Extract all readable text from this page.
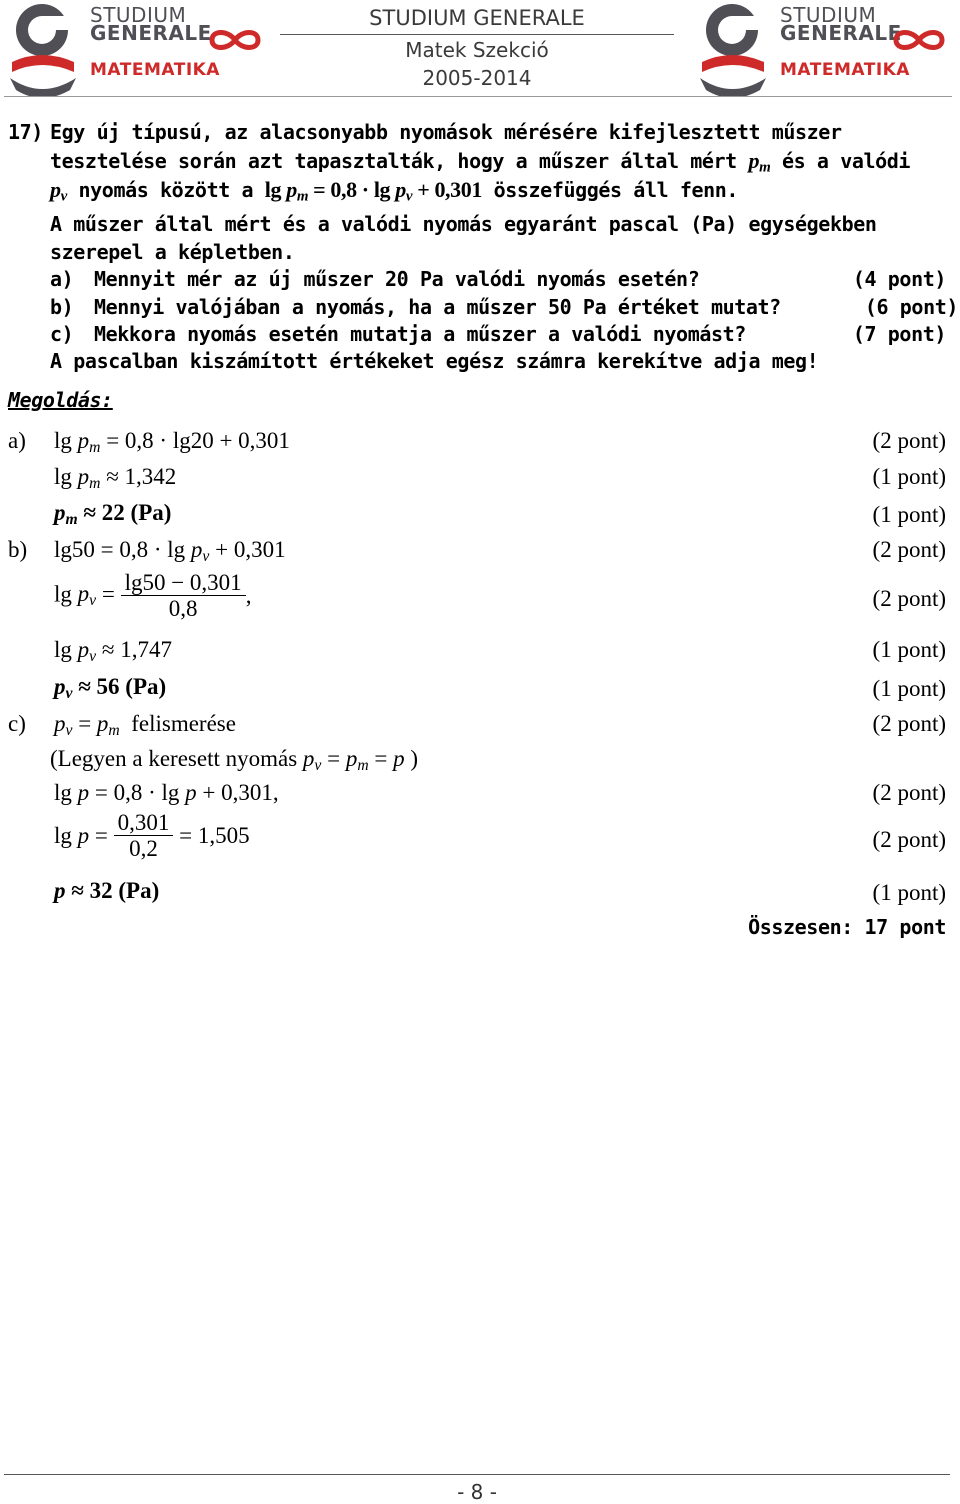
STUDIUM
GENERALE
MATEMATIKA
STUDIUM
GENERALE
MATEMATIKA
STUDIUM GENERALE
Matek Szekció
2005-2014
17) Egy új típusú, az alacsonyabb nyomások mérésére kifejlesztett műszer
tesztelése során azt tapasztalták, hogy a műszer által mért $p_m$ és a valódi
$p_v$ nyomás között a $\lg p_m = 0,8 \cdot \lg p_v + 0,301$ összefüggés áll fenn.
A műszer által mért és a valódi nyomás egyaránt pascal (Pa) egységekben
szerepel a képletben.
a) Mennyit mér az új műszer 20 Pa valódi nyomás esetén?	(4 pont)
b) Mennyi valójában a nyomás, ha a műszer 50 Pa értéket mutat?	(6 pont)
c) Mekkora nyomás esetén mutatja a műszer a valódi nyomást?	(7 pont)
A pascalban kiszámított értékeket egész számra kerekítve adja meg!
Megoldás:
a) $\lg p_m = 0,8 \cdot \lg 20 + 0,301$	(2 pont)
$\lg p_m \approx 1,342$	(1 pont)
$p_m \approx 22$ (Pa)	(1 pont)
b) $\lg 50 = 0,8 \cdot \lg p_v + 0,301$	(2 pont)
$\lg p_v = \frac{\lg 50 - 0,301}{0,8}$ ,	(2 pont)
$\lg p_v \approx 1,747$	(1 pont)
$p_v \approx 56$ (Pa)	(1 pont)
c) $p_v = p_m$ felismerése	(2 pont)
(Legyen a keresett nyomás $p_v = p_m = p$ )
lg p = 0,8 · lg p + 0,301,	(2 pont)
$\lg p = \frac{0,301}{0,2} = 1,505$	(2 pont)
p ≈ 32 (Pa)	(1 pont)
Összesen: 17 pont
- 8 -
